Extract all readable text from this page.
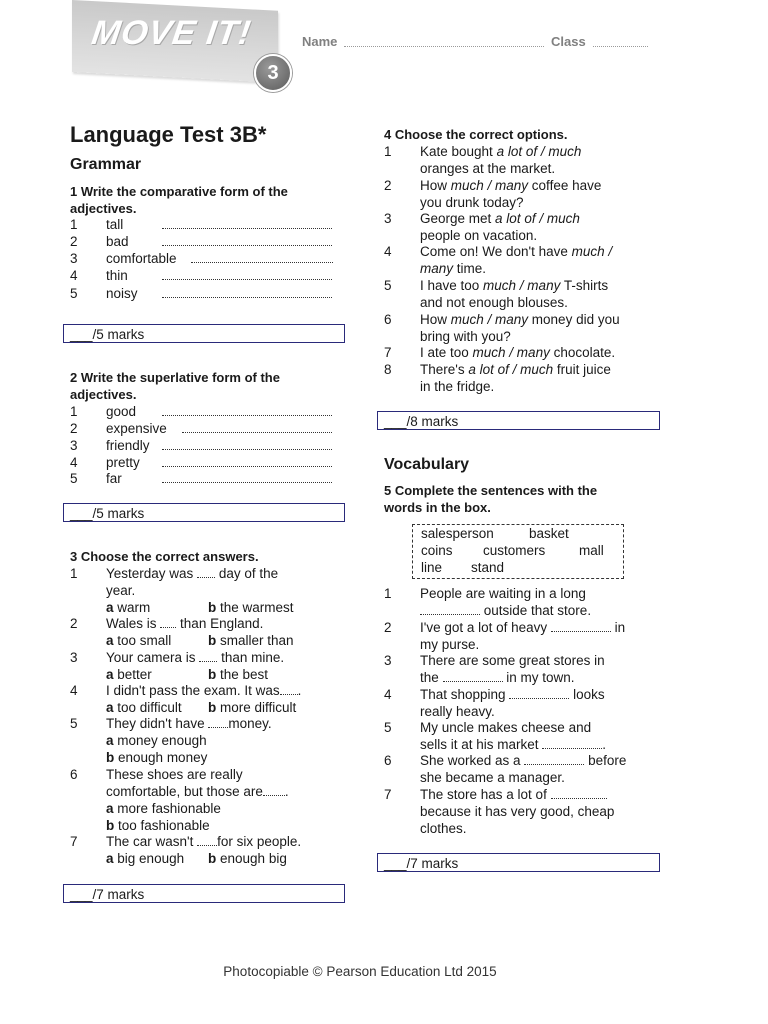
MOVE IT!
3
Name	Class
Language Test 3B*
Grammar
1 Write the comparative form of the
adjectives.
1 tall
2 bad
3 comfortable
4 thin
5 noisy
___/5 marks
2 Write the superlative form of the
adjectives.
1 good
2 expensive
3 friendly
4 pretty
5 far
___/5 marks
3 Choose the correct answers.
1 Yesterday was day of the
year.
a warm	b the warmest
2 Wales is than England.
a too small	b smaller than
3 Your camera is than mine.
a better	b the best
4 I didn't pass the exam. It was .
a too difficult b more difficult
5 They didn't have money.
a money enough
b enough money
6 These shoes are really
comfortable, but those are .
a more fashionable
b too fashionable
7 The car wasn't for six people.
a big enough b enough big
___/7 marks
4 Choose the correct options.
1 Kate bought a lot of / much
oranges at the market.
2 How much / many coffee have
you drunk today?
3 George met a lot of / much
people on vacation.
4 Come on! We don't have much /
many time.
5 I have too much / many T-shirts
and not enough blouses.
6 How much / many money did you
bring with you?
7 I ate too much / many chocolate.
8 There's a lot of / much fruit juice
in the fridge.
___/8 marks
Vocabulary
5 Complete the sentences with the
words in the box.
salesperson	basket
coins customers mall
line stand
1 People are waiting in a long
outside that store.
2 I've got a lot of heavy	in
my purse.
3 There are some great stores in
the	in my town.
4 That shopping	looks
really heavy.
5 My uncle makes cheese and
sells it at his market	.
6 She worked as a	before
she became a manager.
7 The store has a lot of
because it has very good, cheap
clothes.
___/7 marks
Photocopiable © Pearson Education Ltd 2015
